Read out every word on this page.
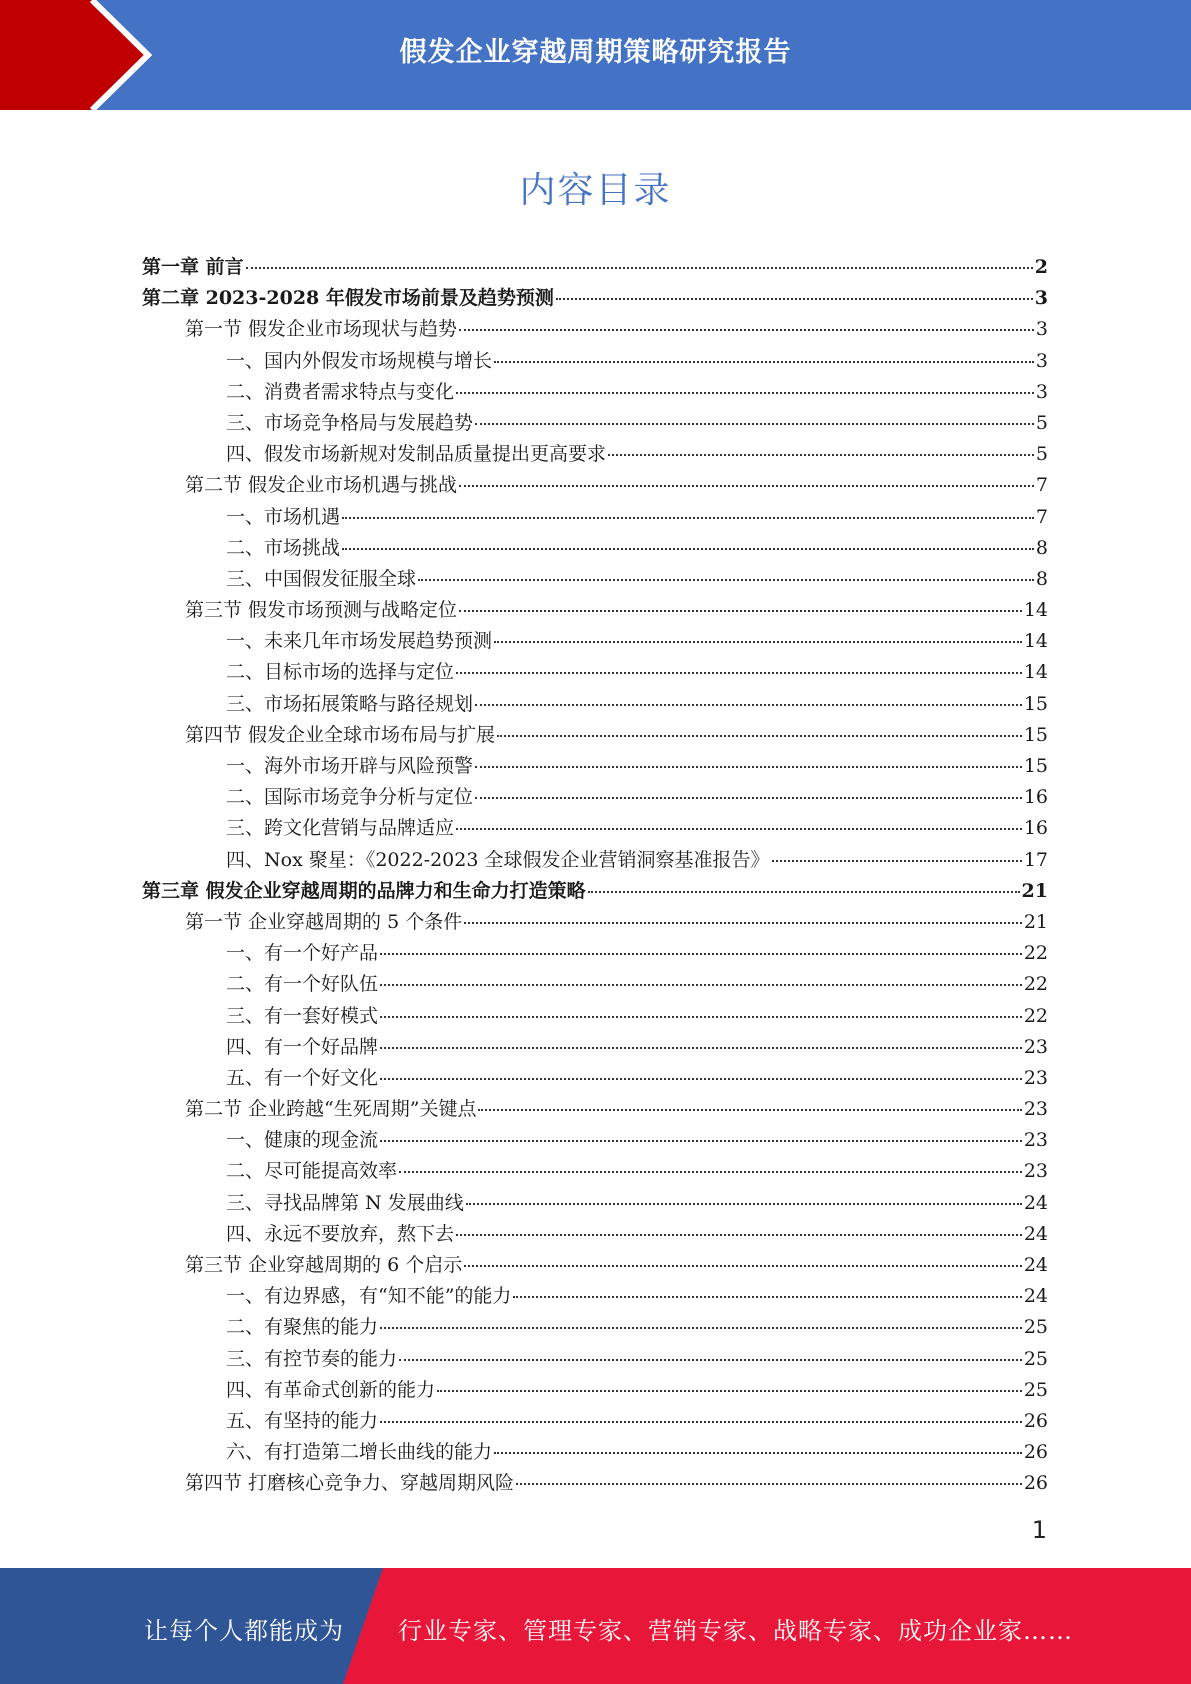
假发企业穿越周期策略研究报告
内容目录
第一章 前言	2
第二章 2023-2028 年假发市场前景及趋势预测	3
第一节 假发企业市场现状与趋势	3
一、国内外假发市场规模与增长	3
二、消费者需求特点与变化	3
三、市场竞争格局与发展趋势	5
四、假发市场新规对发制品质量提出更高要求	5
第二节 假发企业市场机遇与挑战	7
一、市场机遇	7
二、市场挑战	8
三、中国假发征服全球	8
第三节 假发市场预测与战略定位	14
一、未来几年市场发展趋势预测	14
二、目标市场的选择与定位	14
三、市场拓展策略与路径规划	15
第四节 假发企业全球市场布局与扩展	15
一、海外市场开辟与风险预警	15
二、国际市场竞争分析与定位	16
三、跨文化营销与品牌适应	16
四、Nox 聚星：《2022-2023 全球假发企业营销洞察基准报告》	17
第三章 假发企业穿越周期的品牌力和生命力打造策略	21
第一节 企业穿越周期的 5 个条件	21
一、有一个好产品	22
二、有一个好队伍	22
三、有一套好模式	22
四、有一个好品牌	23
五、有一个好文化	23
第二节 企业跨越“生死周期”关键点	23
一、健康的现金流	23
二、尽可能提高效率	23
三、寻找品牌第 N 发展曲线	24
四、永远不要放弃，熬下去	24
第三节 企业穿越周期的 6 个启示	24
一、有边界感，有“知不能”的能力	24
二、有聚焦的能力	25
三、有控节奏的能力	25
四、有革命式创新的能力	25
五、有坚持的能力	26
六、有打造第二增长曲线的能力	26
第四节 打磨核心竞争力、穿越周期风险	26
1
让每个人都能成为 行业专家、管理专家、营销专家、战略专家、成功企业家……
